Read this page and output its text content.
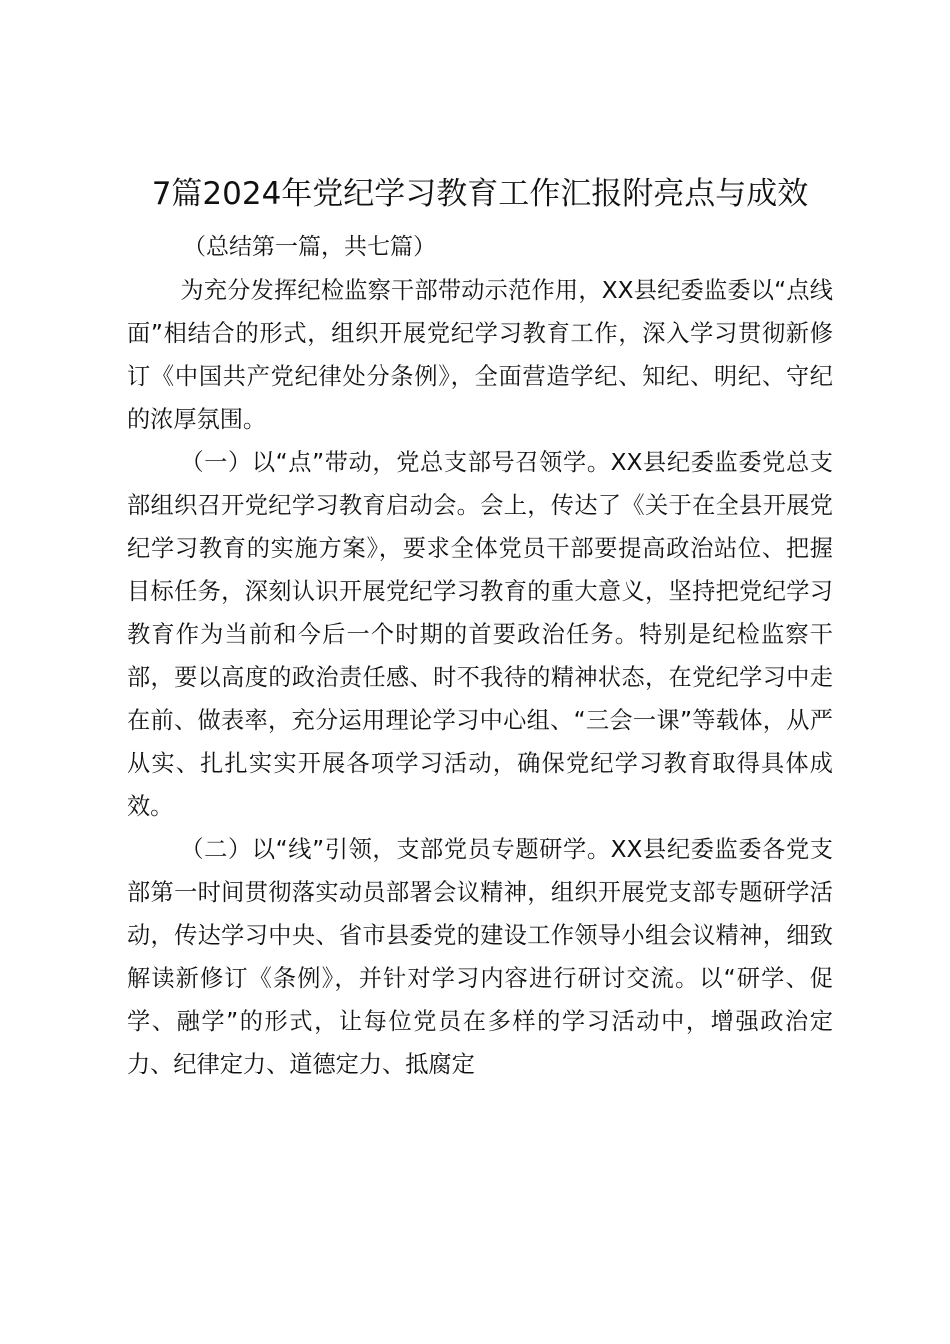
7篇2024年党纪学习教育工作汇报附亮点与成效

（总结第一篇，共七篇）

为充分发挥纪检监察干部带动示范作用，XX县纪委监委以“点线面”相结合的形式，组织开展党纪学习教育工作，深入学习贯彻新修订《中国共产党纪律处分条例》，全面营造学纪、知纪、明纪、守纪的浓厚氛围。

（一）以“点”带动，党总支部号召领学。XX县纪委监委党总支部组织召开党纪学习教育启动会。会上，传达了《关于在全县开展党纪学习教育的实施方案》，要求全体党员干部要提高政治站位、把握目标任务，深刻认识开展党纪学习教育的重大意义，坚持把党纪学习教育作为当前和今后一个时期的首要政治任务。特别是纪检监察干部，要以高度的政治责任感、时不我待的精神状态，在党纪学习中走在前、做表率，充分运用理论学习中心组、“三会一课”等载体，从严从实、扎扎实实开展各项学习活动，确保党纪学习教育取得具体成效。

（二）以“线”引领，支部党员专题研学。XX县纪委监委各党支部第一时间贯彻落实动员部署会议精神，组织开展党支部专题研学活动，传达学习中央、省市县委党的建设工作领导小组会议精神，细致解读新修订《条例》，并针对学习内容进行研讨交流。以“研学、促学、融学”的形式，让每位党员在多样的学习活动中，增强政治定力、纪律定力、道德定力、抵腐定
